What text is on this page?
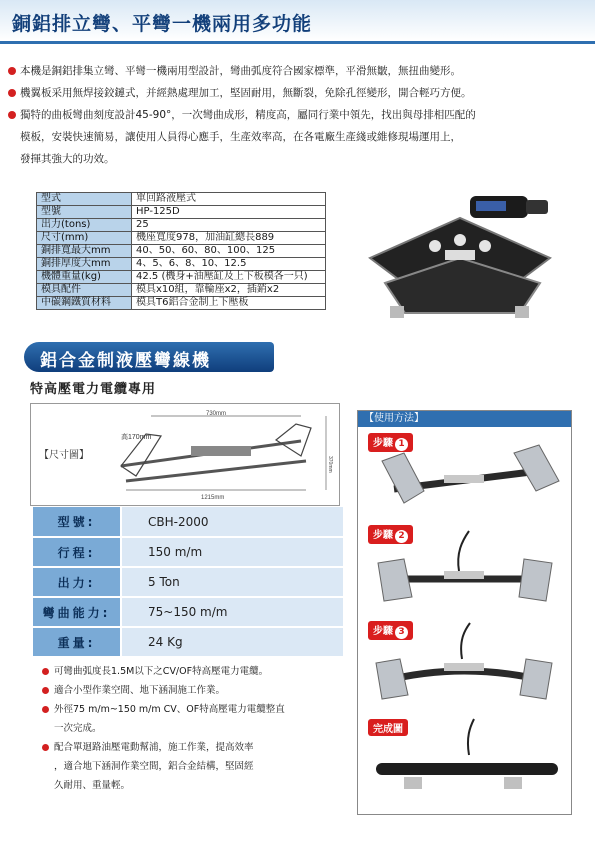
銅鋁排立彎、平彎一機兩用多功能
本機是銅鋁排集立彎、平彎一機兩用型設計，彎曲弧度符合國家標準，平滑無皺，無扭曲變形。
機翼板采用無焊接鉸鏈式，并經熱處理加工，堅固耐用，無斷裂，免除孔徑變形，開合輕巧方便。
獨特的曲板彎曲刻度設計45-90°，一次彎曲成形，精度高，屬同行業中領先，找出與母排相匹配的
模板，安裝快速簡易，讓使用人員得心應手，生產效率高，在各電廠生產綫或維修現場運用上，
發揮其強大的功效。
型式	單回路液壓式
型號	HP-125D
出力(tons)	25
尺寸(mm)	機座寬度978，加油缸總長889
銅排寬最大mm	40、50、60、80、100、125
銅排厚度大mm	4、5、6、8、10、12.5
機體重量(kg)	42.5 (機身+油壓缸及上下板模各一只)
模具配件	模具x10組，靠輪座x2，插銷x2
中碳鋼鐵質材料	模具T6鋁合金制上下壓板
鋁合金制液壓彎線機
特高壓電力電纜專用
【尺寸圖】
730mm
高170mm
1215mm
370mm
型號:	CBH-2000
行程:	150 m/m
出力:	5 Ton
彎曲能力:	75~150 m/m
重量:	24 Kg
可彎曲弧度長1.5M以下之CV/OF特高壓電力電纜。
適合小型作業空間、地下涵洞施工作業。
外徑75 m/m~150 m/m CV、OF特高壓電力電纜整直
一次完成。
配合單迴路油壓電動幫浦，施工作業，提高效率
，適合地下涵洞作業空間，鋁合金結構，堅固經
久耐用、重量輕。
【使用方法】
步驟 1
步驟 2
步驟 3
完成圖
